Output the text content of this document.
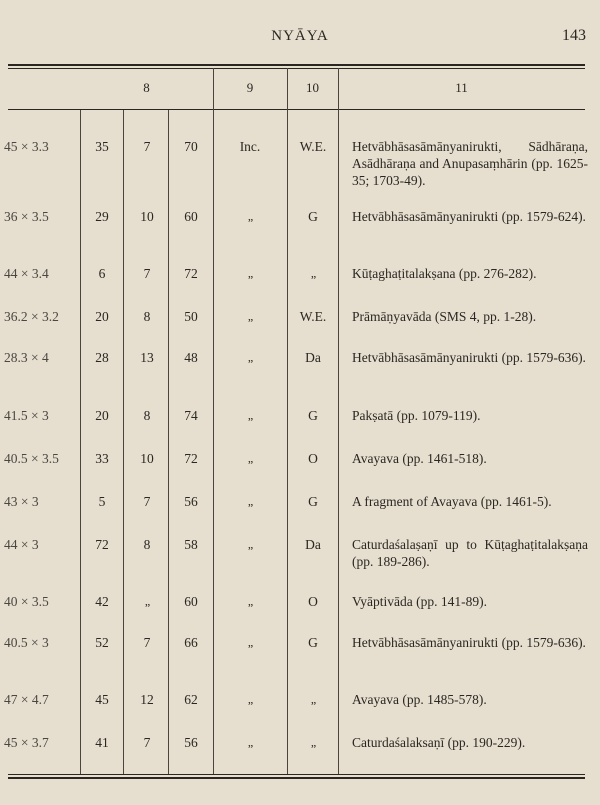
NYĀYA	143
8	9	10	11
45 × 3.3	35	7	70	Inc.	W.E.	Hetvābhāsasāmānyanirukti, Sādhāraṇa, Asādhāraṇa and Anupasaṃhārin (pp. 1625-35; 1703-49).
36 × 3.5	29	10	60	„	G	Hetvābhāsasāmānyanirukti (pp. 1579-624).
44 × 3.4	6	7	72	„	„	Kūṭaghaṭitalakṣana (pp. 276-282).
36.2 × 3.2	20	8	50	„	W.E.	Prāmāṇyavāda (SMS 4, pp. 1-28).
28.3 × 4	28	13	48	„	Da	Hetvābhāsasāmānyanirukti (pp. 1579-636).
41.5 × 3	20	8	74	„	G	Pakṣatā (pp. 1079-119).
40.5 × 3.5	33	10	72	„	O	Avayava (pp. 1461-518).
43 × 3	5	7	56	„	G	A fragment of Avayava (pp. 1461-5).
44 × 3	72	8	58	„	Da	Caturdaśalaṣaṇī up to Kūṭaghaṭitalakṣaṇa (pp. 189-286).
40 × 3.5	42	„	60	„	O	Vyāptivāda (pp. 141-89).
40.5 × 3	52	7	66	„	G	Hetvābhāsasāmānyanirukti (pp. 1579-636).
47 × 4.7	45	12	62	„	„	Avayava (pp. 1485-578).
45 × 3.7	41	7	56	„	„	Caturdaśalaksaṇī (pp. 190-229).
